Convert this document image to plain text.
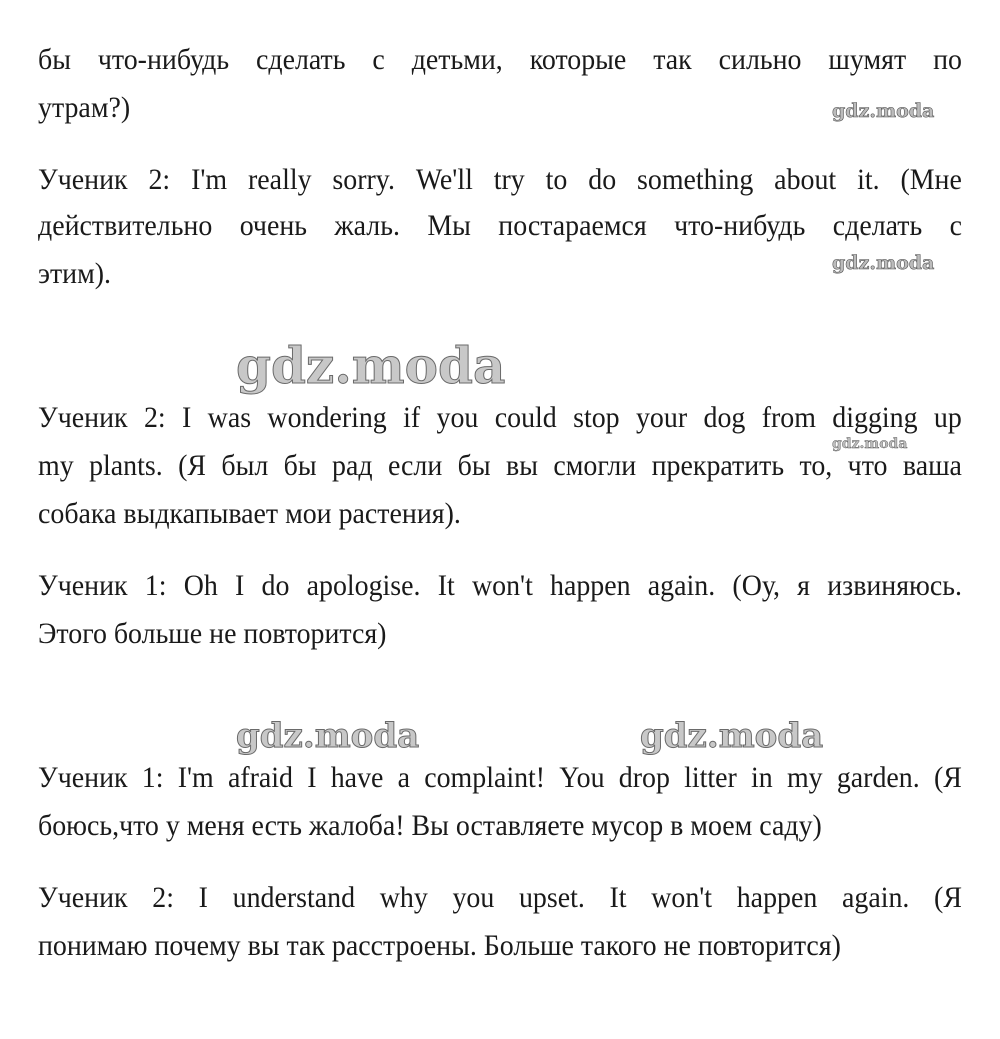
бы что-нибудь сделать с детьми, которые так сильно шумят по
утрам?)
Ученик 2: I'm really sorry. We'll try to do something about it. (Мне
действительно очень жаль. Мы постараемся что-нибудь сделать с
этим).
Ученик 2: I was wondering if you could stop your dog from digging up
my plants. (Я был бы рад если бы вы смогли прекратить то, что ваша
собака выдкапывает мои растения).
Ученик 1: Oh I do apologise. It won't happen again. (Оу, я извиняюсь.
Этого больше не повторится)
Ученик 1: I'm afraid I have a complaint! You drop litter in my garden. (Я
боюсь,что у меня есть жалоба! Вы оставляете мусор в моем саду)
Ученик 2: I understand why you upset. It won't happen again. (Я
понимаю почему вы так расстроены. Больше такого не повторится)
gdz.moda
gdz.moda
gdz.moda
gdz.moda
gdz.moda	gdz.moda
